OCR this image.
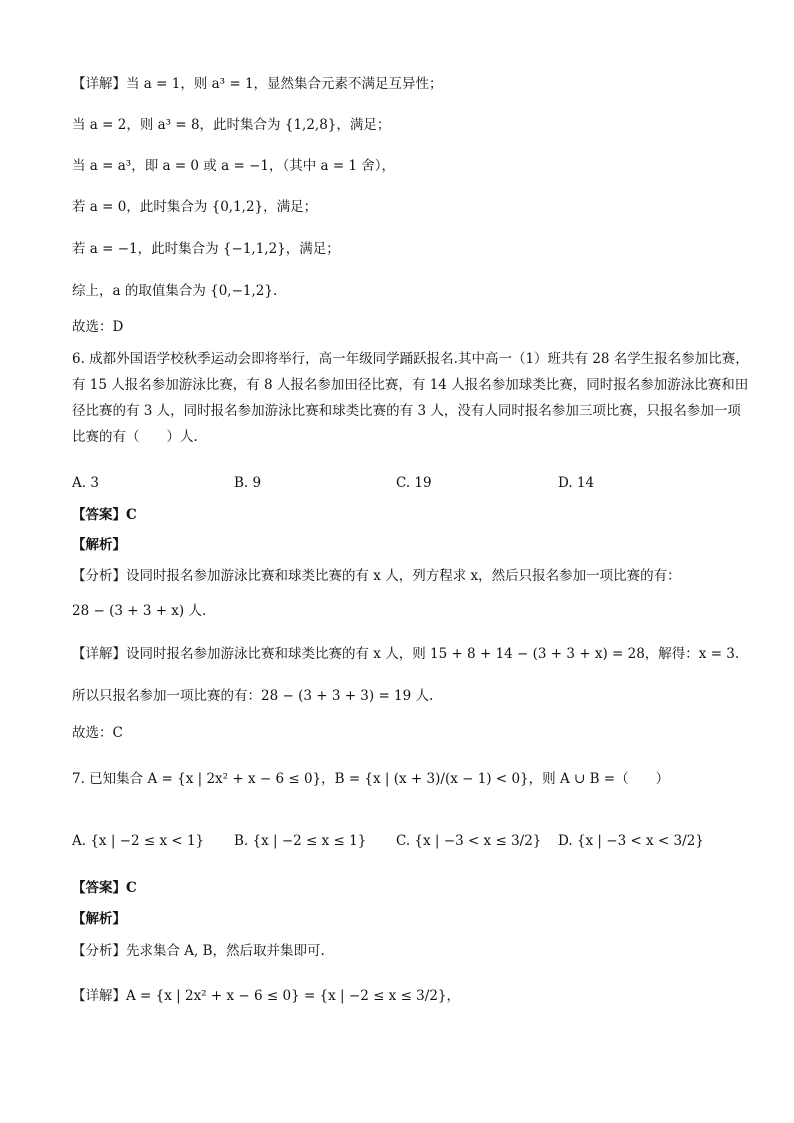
【详解】当 a = 1，则 a³ = 1，显然集合元素不满足互异性；
当 a = 2，则 a³ = 8，此时集合为 {1,2,8}，满足；
当 a = a³，即 a = 0 或 a = −1，（其中 a = 1 舍），
若 a = 0，此时集合为 {0,1,2}，满足；
若 a = −1，此时集合为 {−1,1,2}，满足；
综上，a 的取值集合为 {0,−1,2}.
故选：D
6. 成都外国语学校秋季运动会即将举行，高一年级同学踊跃报名.其中高一（1）班共有 28 名学生报名参加比赛，有 15 人报名参加游泳比赛，有 8 人报名参加田径比赛，有 14 人报名参加球类比赛，同时报名参加游泳比赛和田径比赛的有 3 人，同时报名参加游泳比赛和球类比赛的有 3 人，没有人同时报名参加三项比赛，只报名参加一项比赛的有（　　）人.
A. 3	B. 9	C. 19	D. 14
【答案】C
【解析】
【分析】设同时报名参加游泳比赛和球类比赛的有 x 人，列方程求 x，然后只报名参加一项比赛的有：
28 − (3 + 3 + x) 人.
【详解】设同时报名参加游泳比赛和球类比赛的有 x 人，则 15 + 8 + 14 − (3 + 3 + x) = 28，解得：x = 3.
所以只报名参加一项比赛的有：28 − (3 + 3 + 3) = 19 人.
故选：C
7. 已知集合 A = {x | 2x² + x − 6 ≤ 0}，B = {x | (x + 3)/(x − 1) < 0}，则 A ∪ B =（　　）
A. {x | −2 ≤ x < 1} B. {x | −2 ≤ x ≤ 1} C. {x | −3 < x ≤ 3/2} D. {x | −3 < x < 3/2}
【答案】C
【解析】
【分析】先求集合 A, B，然后取并集即可.
【详解】A = {x | 2x² + x − 6 ≤ 0} = {x | −2 ≤ x ≤ 3/2}，
